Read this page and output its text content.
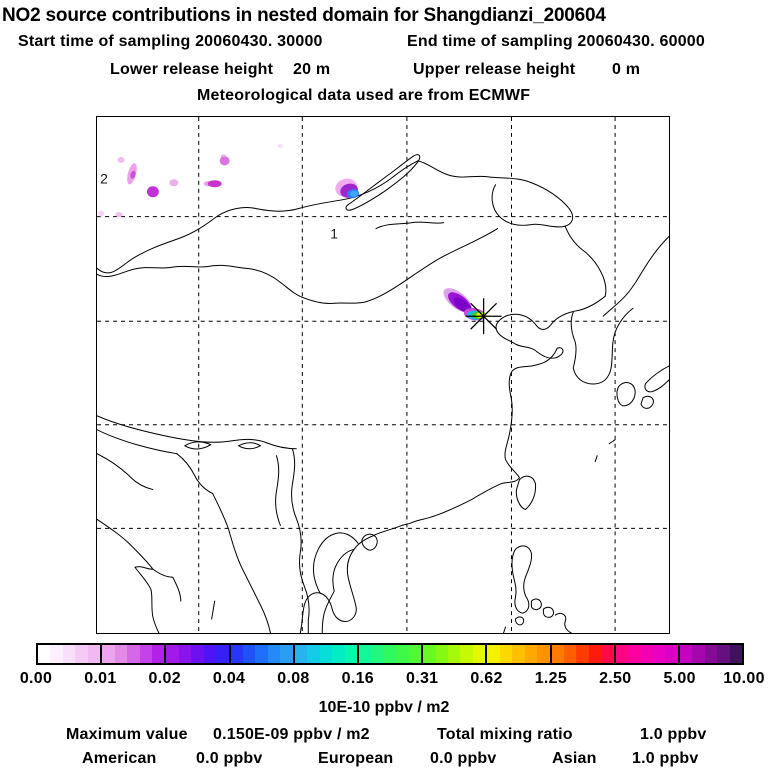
NO2 source contributions in nested domain for Shangdianzi_200604
Start time of sampling 20060430. 30000	End time of sampling 20060430. 60000
Lower release height 20 m	Upper release height 0 m
Meteorological data used are from ECMWF
1
2
0.00 0.01 0.02 0.04 0.08 0.16 0.31 0.62 1.25 2.50 5.00 10.00
10E-10 ppbv / m2
Maximum value 0.150E-09 ppbv / m2	Total mixing ratio	1.0 ppbv
American 0.0 ppbv	European 0.0 ppbv	Asian 1.0 ppbv
